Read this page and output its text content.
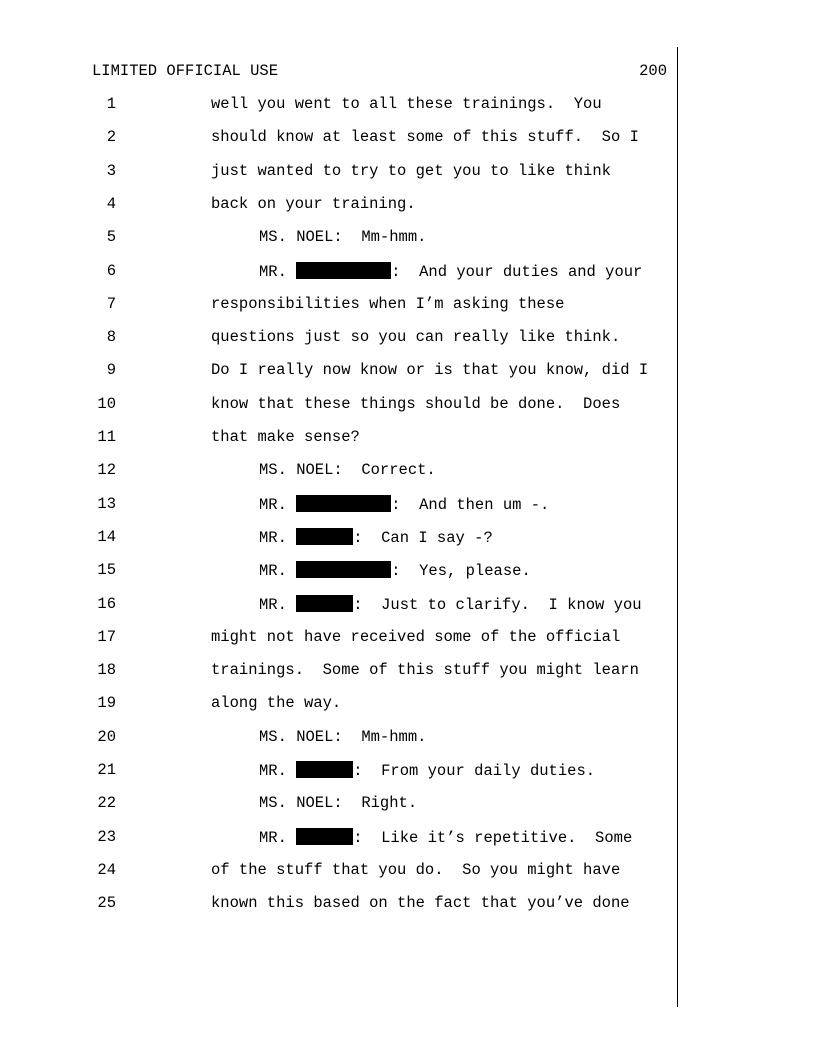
LIMITED OFFICIAL USE	200
1	well you went to all these trainings.  You
2	should know at least some of this stuff.  So I
3	just wanted to try to get you to like think
4	back on your training.
5	MS. NOEL:  Mm-hmm.
6	MR.	:  And your duties and your
7	responsibilities when I’m asking these
8	questions just so you can really like think.
9	Do I really now know or is that you know, did I
10	know that these things should be done.  Does
11	that make sense?
12	MS. NOEL:  Correct.
13	MR.	:  And then um -.
14	MR.	:  Can I say -?
15	MR.	:  Yes, please.
16	MR.	:  Just to clarify.  I know you
17	might not have received some of the official
18	trainings.  Some of this stuff you might learn
19	along the way.
20	MS. NOEL:  Mm-hmm.
21	MR.	:  From your daily duties.
22	MS. NOEL:  Right.
23	MR.	:  Like it’s repetitive.  Some
24	of the stuff that you do.  So you might have
25	known this based on the fact that you’ve done
